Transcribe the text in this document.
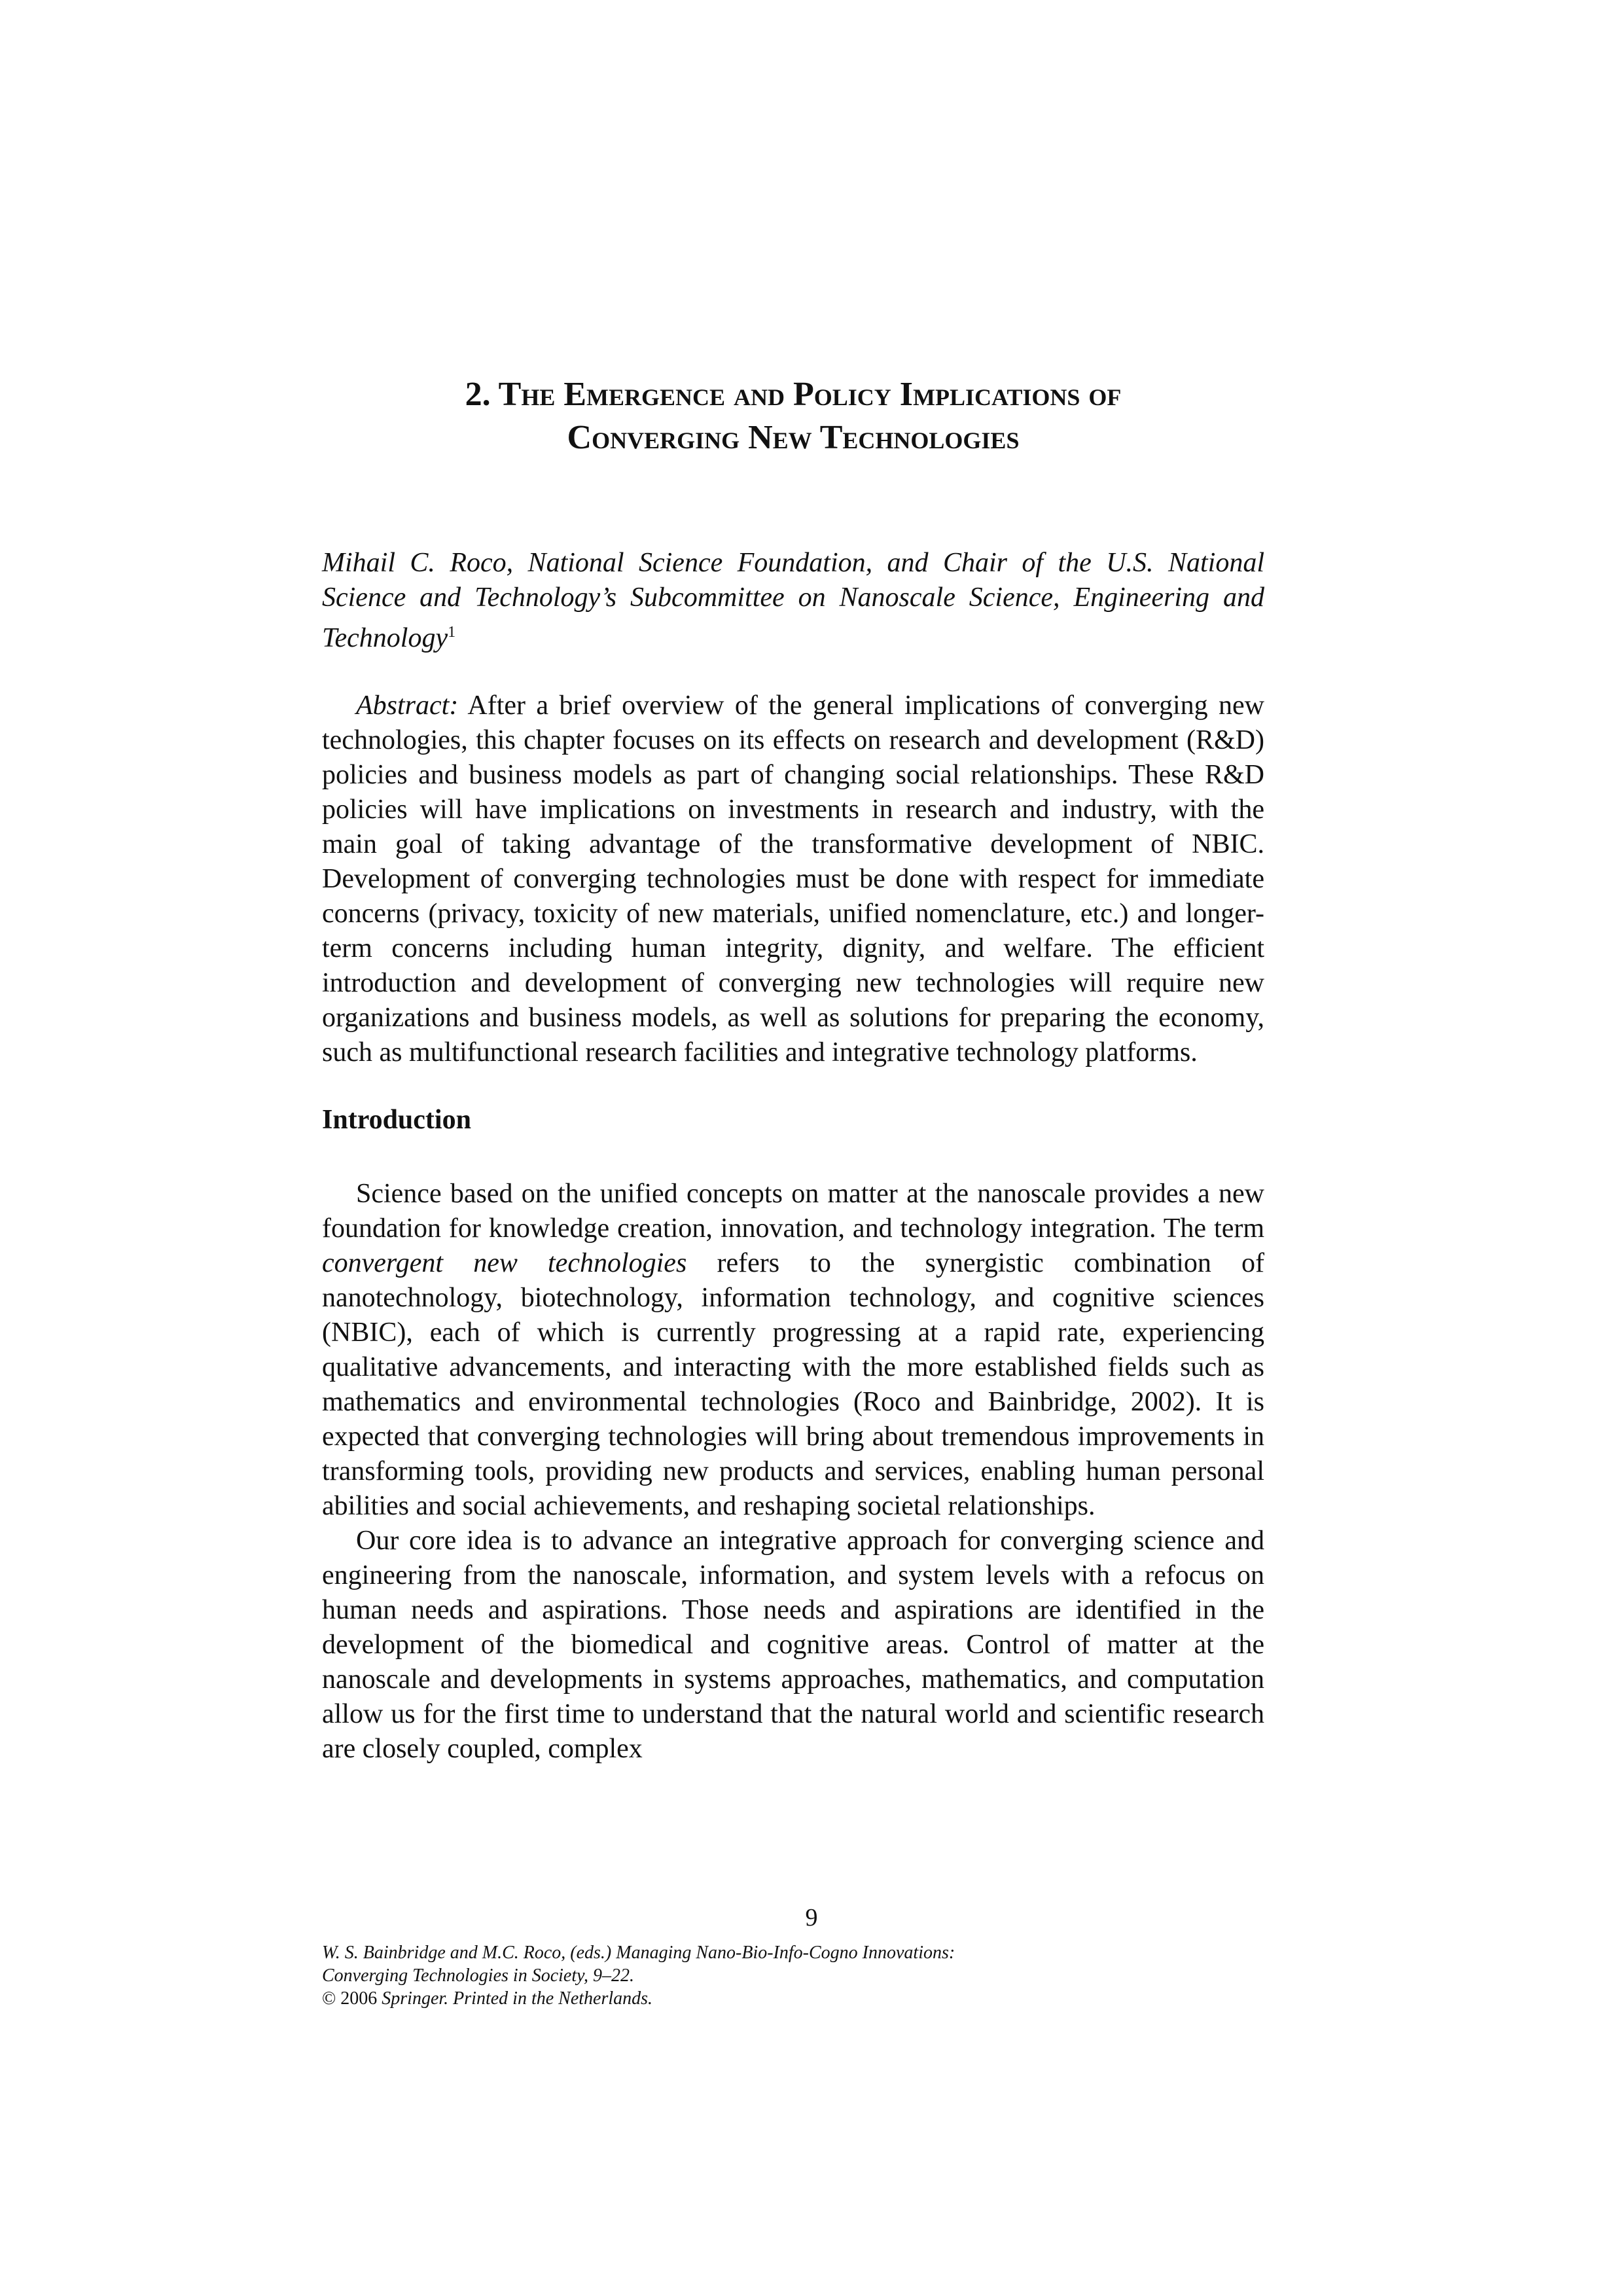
2. The Emergence and Policy Implications of
Converging New Technologies
Mihail C. Roco, National Science Foundation, and Chair of the U.S. National Science and Technology’s Subcommittee on Nanoscale Science, Engineering and Technology$^1$
Abstract: After a brief overview of the general implications of converging new technologies, this chapter focuses on its effects on research and development (R&D) policies and business models as part of changing social relationships. These R&D policies will have implications on investments in research and industry, with the main goal of taking advantage of the transformative development of NBIC. Development of converging technologies must be done with respect for immediate concerns (privacy, toxicity of new materials, unified nomenclature, etc.) and longer-term concerns including human integrity, dignity, and welfare. The efficient introduction and development of converging new technologies will require new organizations and business models, as well as solutions for preparing the economy, such as multifunctional research facilities and integrative technology platforms.
Introduction

Science based on the unified concepts on matter at the nanoscale provides a new foundation for knowledge creation, innovation, and technology integration. The term convergent new technologies refers to the synergistic combination of nanotechnology, biotechnology, information technology, and cognitive sciences (NBIC), each of which is currently progressing at a rapid rate, experiencing qualitative advancements, and interacting with the more established fields such as mathematics and environmental technologies (Roco and Bainbridge, 2002). It is expected that converging technologies will bring about tremendous improvements in transforming tools, providing new products and services, enabling human personal abilities and social achievements, and reshaping societal relationships.

Our core idea is to advance an integrative approach for converging science and engineering from the nanoscale, information, and system levels with a refocus on human needs and aspirations. Those needs and aspirations are identified in the development of the biomedical and cognitive areas. Control of matter at the nanoscale and developments in systems approaches, mathematics, and computation allow us for the first time to understand that the natural world and scientific research are closely coupled, complex

9
W. S. Bainbridge and M.C. Roco, (eds.) Managing Nano-Bio-Info-Cogno Innovations:
Converging Technologies in Society, 9–22.
© 2006 Springer. Printed in the Netherlands.
